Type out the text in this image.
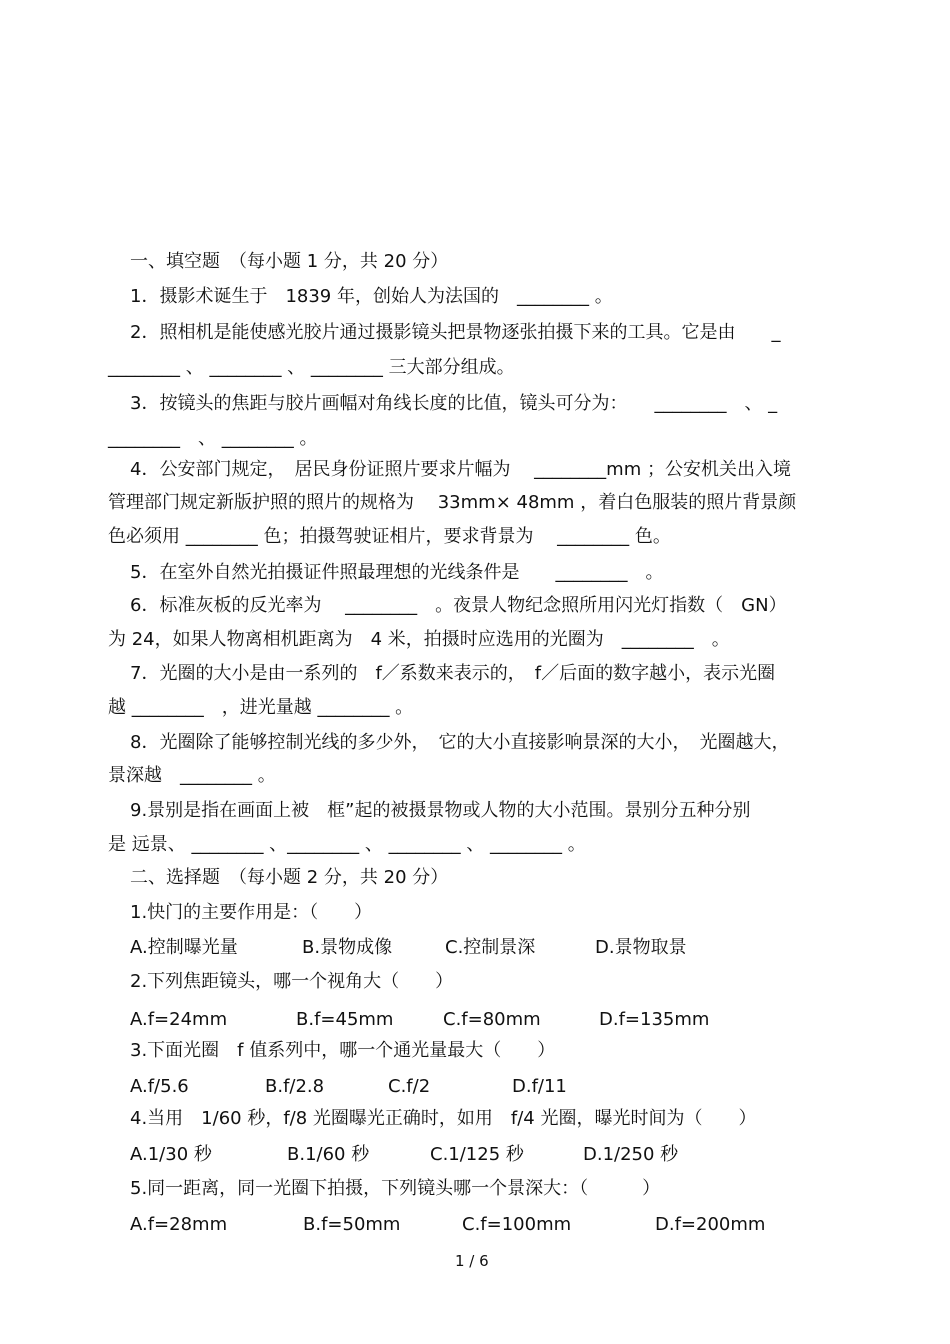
一、填空题　（每小题 1 分，共 20 分）
1．摄影术诞生于　1839 年，创始人为法国的　________ 。
2．照相机是能使感光胶片通过摄影镜头把景物逐张拍摄下来的工具。它是由　　_
________ 、 ________ 、 ________ 三大部分组成。
3．按镜头的焦距与胶片画幅对角线长度的比值，镜头可分为：　　________　、 _
________　、 ________ 。
4．公安部门规定，　居民身份证照片要求片幅为　 ________mm ；公安机关出入境
管理部门规定新版护照的照片的规格为　 33mm× 48mm ，着白色服装的照片背景颜
色必须用 ________ 色；拍摄驾驶证相片，要求背景为　 ________ 色。
5．在室外自然光拍摄证件照最理想的光线条件是　　________　。
6．标准灰板的反光率为　 ________　。夜景人物纪念照所用闪光灯指数（　GN）
为 24，如果人物离相机距离为　4 米，拍摄时应选用的光圈为　________　。
7．光圈的大小是由一系列的　f／系数来表示的，　f／后面的数字越小，表示光圈
越 ________　，进光量越 ________ 。
8．光圈除了能够控制光线的多少外，　它的大小直接影响景深的大小，　光圈越大，
景深越　________ 。
9.景别是指在画面上被　框”起的被摄景物或人物的大小范围。景别分五种分别
是 远景、 ________ 、________ 、 ________ 、 ________ 。
二、选择题　（每小题 2 分，共 20 分）
1.快门的主要作用是：（　　）
A.控制曝光量	B.景物成像	C.控制景深	D.景物取景
2.下列焦距镜头，哪一个视角大（　　）
A.f=24mm	B.f=45mm	C.f=80mm	D.f=135mm
3.下面光圈　f 值系列中，哪一个通光量最大（　　）
A.f/5.6	B.f/2.8	C.f/2	D.f/11
4.当用　1/60 秒，f/8 光圈曝光正确时，如用　f/4 光圈，曝光时间为（　　）
A.1/30 秒	B.1/60 秒	C.1/125 秒	D.1/250 秒
5.同一距离，同一光圈下拍摄，下列镜头哪一个景深大：（　　　）
A.f=28mm	B.f=50mm	C.f=100mm	D.f=200mm
1 / 6
